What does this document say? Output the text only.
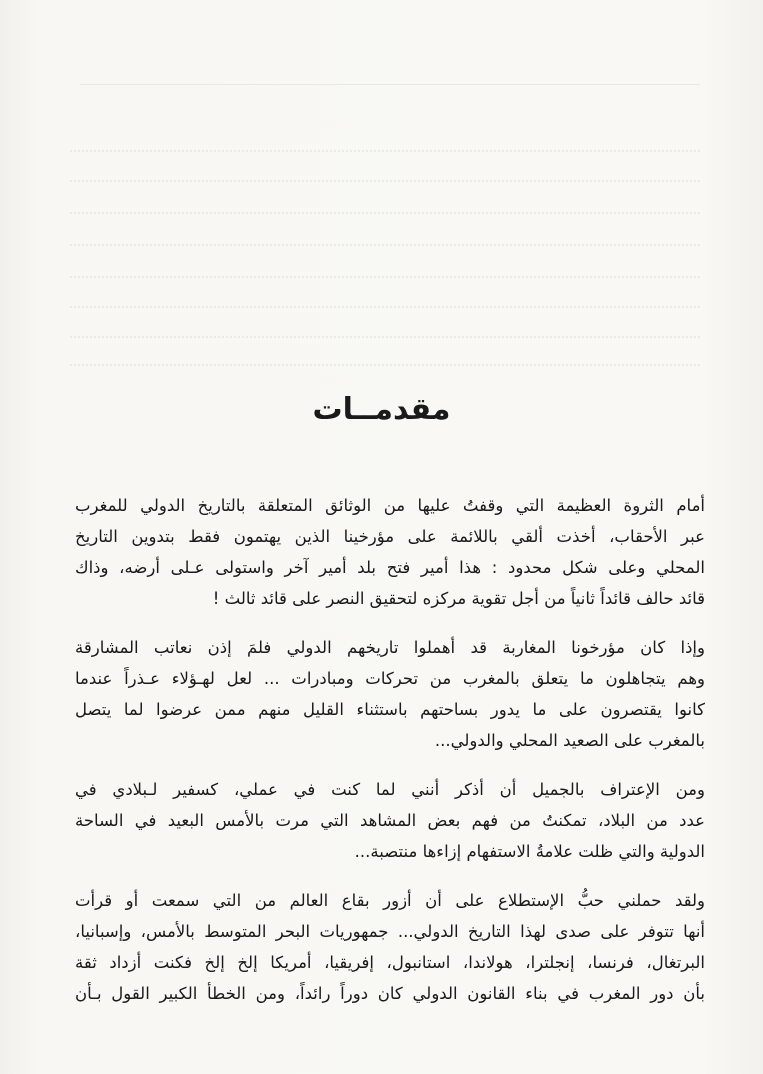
مقدمــات

أمام الثروة العظيمة التي وقفتُ عليها من الوثائق المتعلقة بالتاريخ الدولي للمغرب
عبر الأحقاب، أخذت ألقي باللائمة على مؤرخينا الذين يهتمون فقط بتدوين التاريخ
المحلي وعلى شكل محدود : هذا أمير فتح بلد أمير آخر واستولى عـلى أرضه، وذاك
قائد حالف قائداً ثانياً من أجل تقوية مركزه لتحقيق النصر على قائد ثالث !

وإذا كان مؤرخونا المغاربة قد أهملوا تاريخهم الدولي فلمَ إذن نعاتب المشارقة
وهم يتجاهلون ما يتعلق بالمغرب من تحركات ومبادرات ... لعل لهـؤلاء عـذراً عندما
كانوا يقتصرون على ما يدور بساحتهم باستثناء القليل منهم ممن عرضوا لما يتصل
بالمغرب على الصعيد المحلي والدولي...

ومن الإعتراف بالجميل أن أذكر أنني لما كنت في عملي، كسفير لـبلادي في
عدد من البلاد، تمكنتُ من فهم بعض المشاهد التي مرت بالأمس البعيد في الساحة
الدولية والتي ظلت علامةُ الاستفهام إزاءها منتصبة...

ولقد حملني حبُّ الإستطلاع على أن أزور بقاع العالم من التي سمعت أو قرأت
أنها تتوفر على صدى لهذا التاريخ الدولي... جمهوريات البحر المتوسط بالأمس، وإسبانيا،
البرتغال، فرنسا، إنجلترا، هولاندا، استانبول، إفريقيا، أمريكا إلخ إلخ فكنت أزداد ثقة
بأن دور المغرب في بناء القانون الدولي كان دوراً رائداً، ومن الخطأ الكبير القول بـأن
